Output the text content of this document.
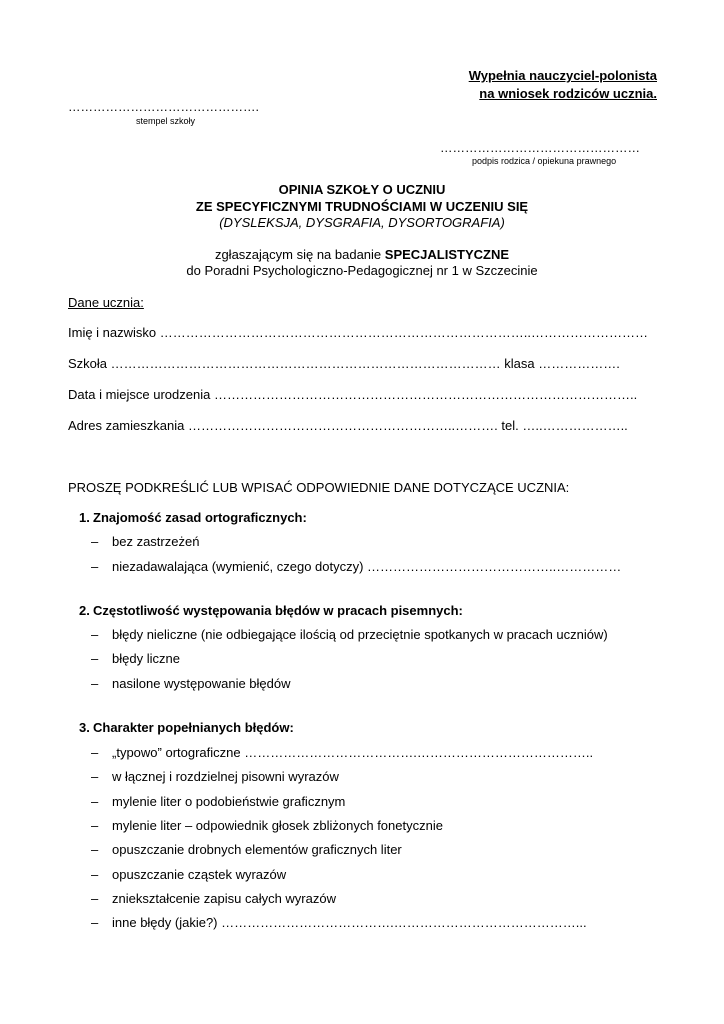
Wypełnia nauczyciel-polonista
na wniosek rodziców ucznia.
……………………………………….
stempel szkoły
…………………………………………
podpis rodzica / opiekuna prawnego
OPINIA SZKOŁY O UCZNIU
ZE SPECYFICZNYMI TRUDNOŚCIAMI W UCZENIU SIĘ
(DYSLEKSJA, DYSGRAFIA, DYSORTOGRAFIA)
zgłaszającym się na badanie SPECJALISTYCZNE
do Poradni Psychologiczno-Pedagogicznej nr 1 w Szczecinie
Dane ucznia:
Imię i nazwisko …………………………………………………………………………..………………………
Szkoła ……………………………………………………………………………… klasa ……………….
Data i miejsce urodzenia ……………………………………………………………………………………..
Adres zamieszkania ……………………………………………………..………. tel. …..………………..
PROSZĘ PODKREŚLIĆ LUB WPISAĆ ODPOWIEDNIE DANE DOTYCZĄCE UCZNIA:
1. Znajomość zasad ortograficznych:
– bez zastrzeżeń
– niezadawalająca (wymienić, czego dotyczy) ……………………………………..……………
2. Częstotliwość występowania błędów w pracach pisemnych:
– błędy nieliczne (nie odbiegające ilością od przeciętnie spotkanych w pracach uczniów)
– błędy liczne
– nasilone występowanie błędów
3. Charakter popełnianych błędów:
– „typowo” ortograficzne ………………………………….…………………………………..
– w łącznej i rozdzielnej pisowni wyrazów
– mylenie liter o podobieństwie graficznym
– mylenie liter – odpowiednik głosek zbliżonych fonetycznie
– opuszczanie drobnych elementów graficznych liter
– opuszczanie cząstek wyrazów
– zniekształcenie zapisu całych wyrazów
– inne błędy (jakie?) ………………………………….……………………………………...
